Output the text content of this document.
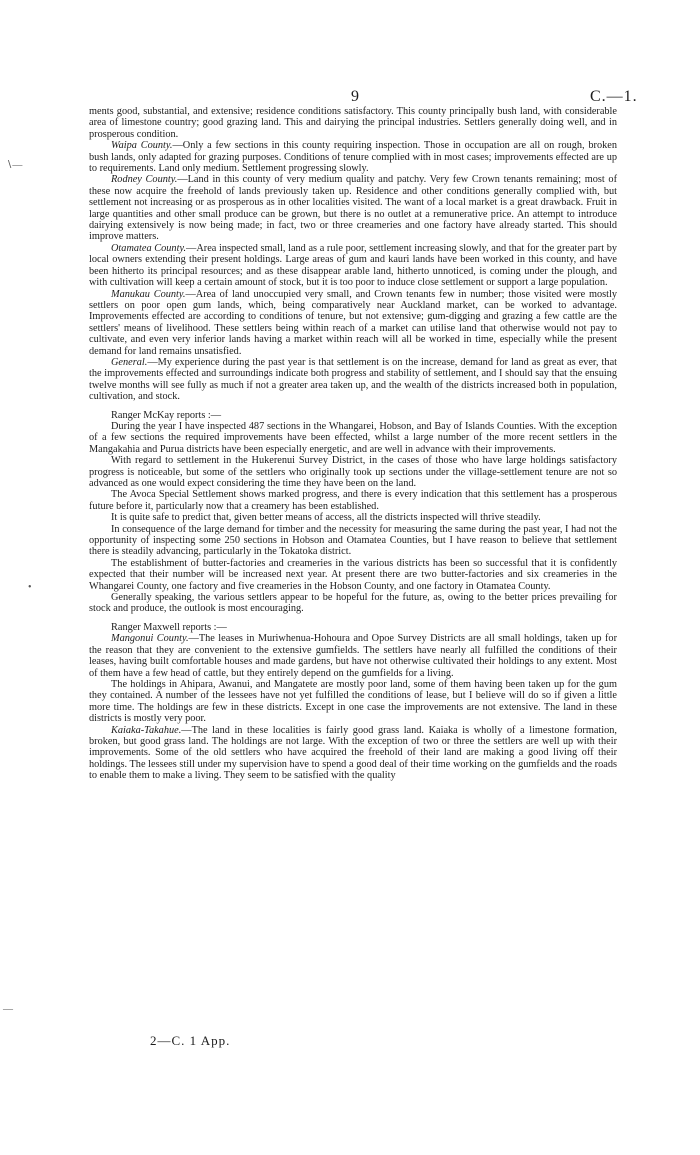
9	C.—1.
∖—
•
—

ments good, substantial, and extensive; residence conditions satisfactory. This county principally bush land, with considerable area of limestone country; good grazing land. This and dairying the principal industries. Settlers generally doing well, and in prosperous condition.

Waipa County.—Only a few sections in this county requiring inspection. Those in occupation are all on rough, broken bush lands, only adapted for grazing purposes. Conditions of tenure complied with in most cases; improvements effected are up to requirements. Land only medium. Settlement progressing slowly.

Rodney County.—Land in this county of very medium quality and patchy. Very few Crown tenants remaining; most of these now acquire the freehold of lands previously taken up. Residence and other conditions generally complied with, but settlement not increasing or as prosperous as in other localities visited. The want of a local market is a great drawback. Fruit in large quantities and other small produce can be grown, but there is no outlet at a remunerative price. An attempt to introduce dairying extensively is now being made; in fact, two or three creameries and one factory have already started. This should improve matters.

Otamatea County.—Area inspected small, land as a rule poor, settlement increasing slowly, and that for the greater part by local owners extending their present holdings. Large areas of gum and kauri lands have been worked in this county, and have been hitherto its principal resources; and as these disappear arable land, hitherto unnoticed, is coming under the plough, and with cultivation will keep a certain amount of stock, but it is too poor to induce close settlement or support a large population.

Manukau County.—Area of land unoccupied very small, and Crown tenants few in number; those visited were mostly settlers on poor open gum lands, which, being comparatively near Auckland market, can be worked to advantage. Improvements effected are according to conditions of tenure, but not extensive; gum-digging and grazing a few cattle are the settlers' means of livelihood. These settlers being within reach of a market can utilise land that otherwise would not pay to cultivate, and even very inferior lands having a market within reach will all be worked in time, especially while the present demand for land remains unsatisfied.

General.—My experience during the past year is that settlement is on the increase, demand for land as great as ever, that the improvements effected and surroundings indicate both progress and stability of settlement, and I should say that the ensuing twelve months will see fully as much if not a greater area taken up, and the wealth of the districts increased both in population, cultivation, and stock.

Ranger McKay reports :—

During the year I have inspected 487 sections in the Whangarei, Hobson, and Bay of Islands Counties. With the exception of a few sections the required improvements have been effected, whilst a large number of the more recent settlers in the Mangakahia and Purua districts have been especially energetic, and are well in advance with their improvements.

With regard to settlement in the Hukerenui Survey District, in the cases of those who have large holdings satisfactory progress is noticeable, but some of the settlers who originally took up sections under the village-settlement tenure are not so advanced as one would expect considering the time they have been on the land.

The Avoca Special Settlement shows marked progress, and there is every indication that this settlement has a prosperous future before it, particularly now that a creamery has been established.

It is quite safe to predict that, given better means of access, all the districts inspected will thrive steadily.

In consequence of the large demand for timber and the necessity for measuring the same during the past year, I had not the opportunity of inspecting some 250 sections in Hobson and Otamatea Counties, but I have reason to believe that settlement there is steadily advancing, particularly in the Tokatoka district.

The establishment of butter-factories and creameries in the various districts has been so successful that it is confidently expected that their number will be increased next year. At present there are two butter-factories and six creameries in the Whangarei County, one factory and five creameries in the Hobson County, and one factory in Otamatea County.

Generally speaking, the various settlers appear to be hopeful for the future, as, owing to the better prices prevailing for stock and produce, the outlook is most encouraging.

Ranger Maxwell reports :—

Mangonui County.—The leases in Muriwhenua-Hohoura and Opoe Survey Districts are all small holdings, taken up for the reason that they are convenient to the extensive gumfields. The settlers have nearly all fulfilled the conditions of their leases, having built comfortable houses and made gardens, but have not otherwise cultivated their holdings to any extent. Most of them have a few head of cattle, but they entirely depend on the gumfields for a living.

The holdings in Ahipara, Awanui, and Mangatete are mostly poor land, some of them having been taken up for the gum they contained. A number of the lessees have not yet fulfilled the conditions of lease, but I believe will do so if given a little more time. The holdings are few in these districts. Except in one case the improvements are not extensive. The land in these districts is mostly very poor.

Kaiaka-Takahue.—The land in these localities is fairly good grass land. Kaiaka is wholly of a limestone formation, broken, but good grass land. The holdings are not large. With the exception of two or three the settlers are well up with their improvements. Some of the old settlers who have acquired the freehold of their land are making a good living off their holdings. The lessees still under my supervision have to spend a good deal of their time working on the gumfields and the roads to enable them to make a living. They seem to be satisfied with the quality

2—C. 1 App.
